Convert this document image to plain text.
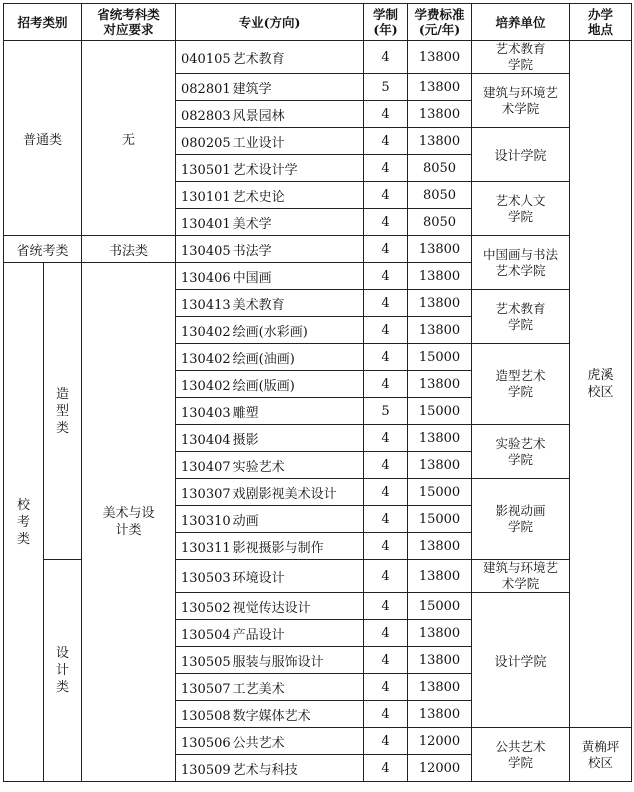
招考类别		省统考科类对应要求	专业(方向)	学制(年)	学费标准(元/年)	培养单位	办学地点

普通类		无	040105 艺术教育	4	13800	艺术教育学院	虎溪校区

			082801 建筑学	5	13800	建筑与环境艺术学院	

			082803 风景园林	4	13800		
			080205 工业设计	4	13800	设计学院	
			130501 艺术设计学	4	8050		
			130101 艺术史论	4	8050	艺术人文学院	

			130401 美术学	4	8050		
省统考类		书法类	130405 书法学	4	13800	中国画与书法艺术学院	

校考类	造型类	美术与设计类	130406 中国画	4	13800		
			130413 美术教育	4	13800	艺术教育学院	

			130402 绘画(水彩画)	4	13800		
			130402 绘画(油画)	4	15000	造型艺术学院	

			130402 绘画(版画)	4	13800		
			130403 雕塑	5	15000		
			130404 摄影	4	13800	实验艺术学院	

			130407 实验艺术	4	13800		
			130307 戏剧影视美术设计	4	15000	影视动画学院	

			130310 动画	4	15000		
			130311 影视摄影与制作	4	13800		

	设计类		130503 环境设计	4	13800	建筑与环境艺术学院	

			130502 视觉传达设计	4	15000	设计学院	
			130504 产品设计	4	13800		
			130505 服装与服饰设计	4	13800		
			130507 工艺美术	4	13800		
			130508 数字媒体艺术	4	13800		
			130506 公共艺术	4	12000	公共艺术学院	黄桷坪校区

			130509 艺术与科技	4	12000		
